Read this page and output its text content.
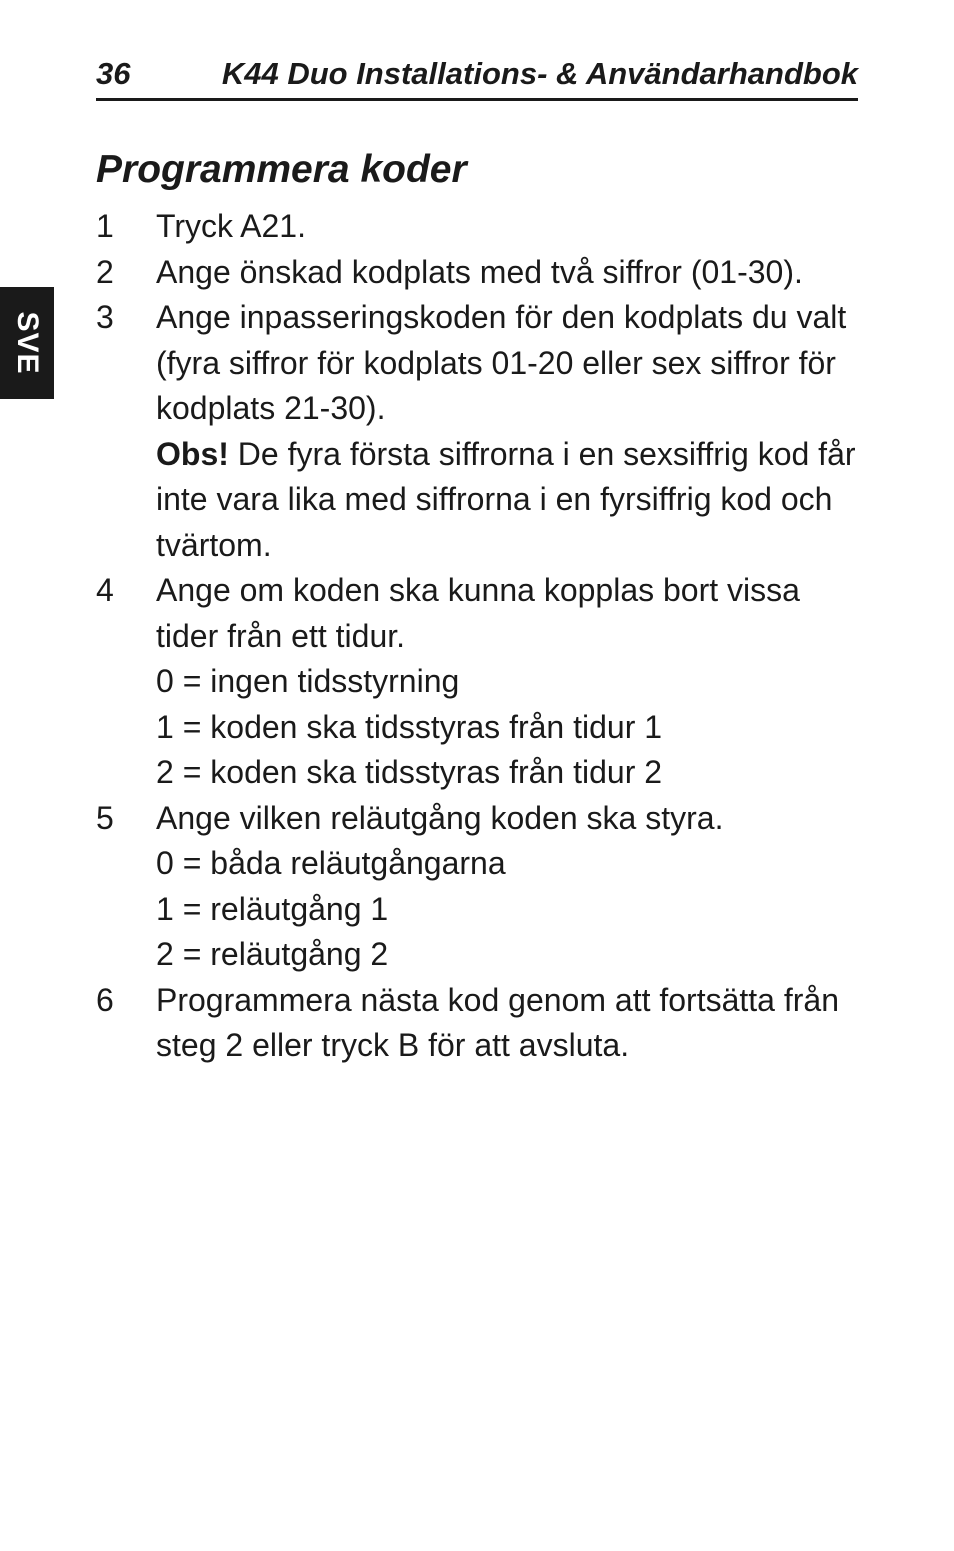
36	K44 Duo Installations- & Användarhandbok
SVE
Programmera koder
1 Tryck A21.

2 Ange önskad kodplats med två siffror (01-30).

3 Ange inpasseringskoden för den kodplats du valt (fyra siffror för kodplats 01-20 eller sex siffror för kodplats 21-30).

Obs! De fyra första siffrorna i en sexsiffrig kod får inte vara lika med siffrorna i en fyrsiffrig kod och tvärtom.

4 Ange om koden ska kunna kopplas bort vissa tider från ett tidur.

0 = ingen tidsstyrning

1 = koden ska tidsstyras från tidur 1

2 = koden ska tidsstyras från tidur 2

5 Ange vilken reläutgång koden ska styra.

0 = båda reläutgångarna

1 = reläutgång 1

2 = reläutgång 2

6 Programmera nästa kod genom att fortsätta från steg 2 eller tryck B för att avsluta.
